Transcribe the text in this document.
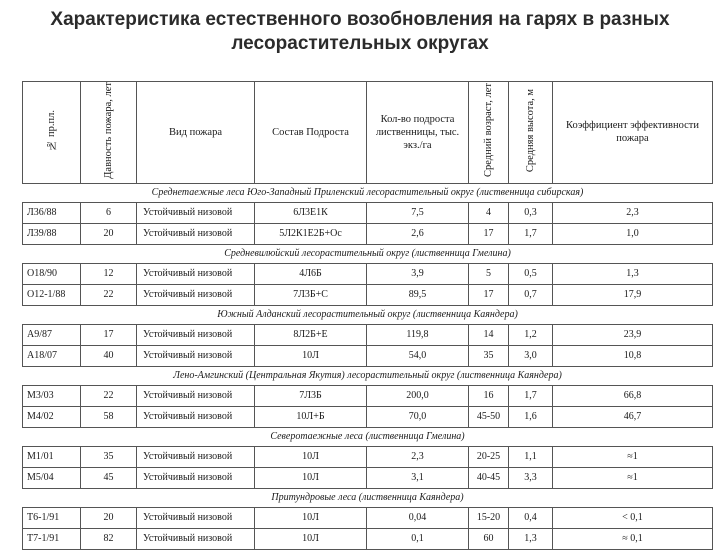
Характеристика естественного возобновления на гарях в разных
лесорастительных округах
№ пр.пл.	Давность пожара, лет	Вид пожара	Состав Подроста	Кол-во подроста лиственницы, тыс. экз./га	Средний возраст, лет	Средняя высота, м	Коэффициент эффективности пожара
Среднетаежные леса Юго-Западный Приленский лесорастительный округ (лиственница сибирская)							
Л36/88	6	Устойчивый низовой	6Л3Е1К	7,5	4	0,3	2,3
Л39/88	20	Устойчивый низовой	5Л2К1Е2Б+Ос	2,6	17	1,7	1,0
Средневилюйский лесорастительный округ (лиственница Гмелина)							
О18/90	12	Устойчивый низовой	4Л6Б	3,9	5	0,5	1,3
О12-1/88	22	Устойчивый низовой	7Л3Б+С	89,5	17	0,7	17,9
Южный Алданский лесорастительный округ (лиственница Каяндера)							
А9/87	17	Устойчивый низовой	8Л2Б+Е	119,8	14	1,2	23,9
А18/07	40	Устойчивый низовой	10Л	54,0	35	3,0	10,8
Лено-Амгинский (Центральная Якутия) лесорастительный округ (лиственница Каяндера)							
М3/03	22	Устойчивый низовой	7Л3Б	200,0	16	1,7	66,8
М4/02	58	Устойчивый низовой	10Л+Б	70,0	45-50	1,6	46,7
Северотаежные леса (лиственница Гмелина)							
М1/01	35	Устойчивый низовой	10Л	2,3	20-25	1,1	≈1
М5/04	45	Устойчивый низовой	10Л	3,1	40-45	3,3	≈1
Притундровые леса (лиственница Каяндера)							
Т6-1/91	20	Устойчивый низовой	10Л	0,04	15-20	0,4	< 0,1
Т7-1/91	82	Устойчивый низовой	10Л	0,1	60	1,3	≈ 0,1
